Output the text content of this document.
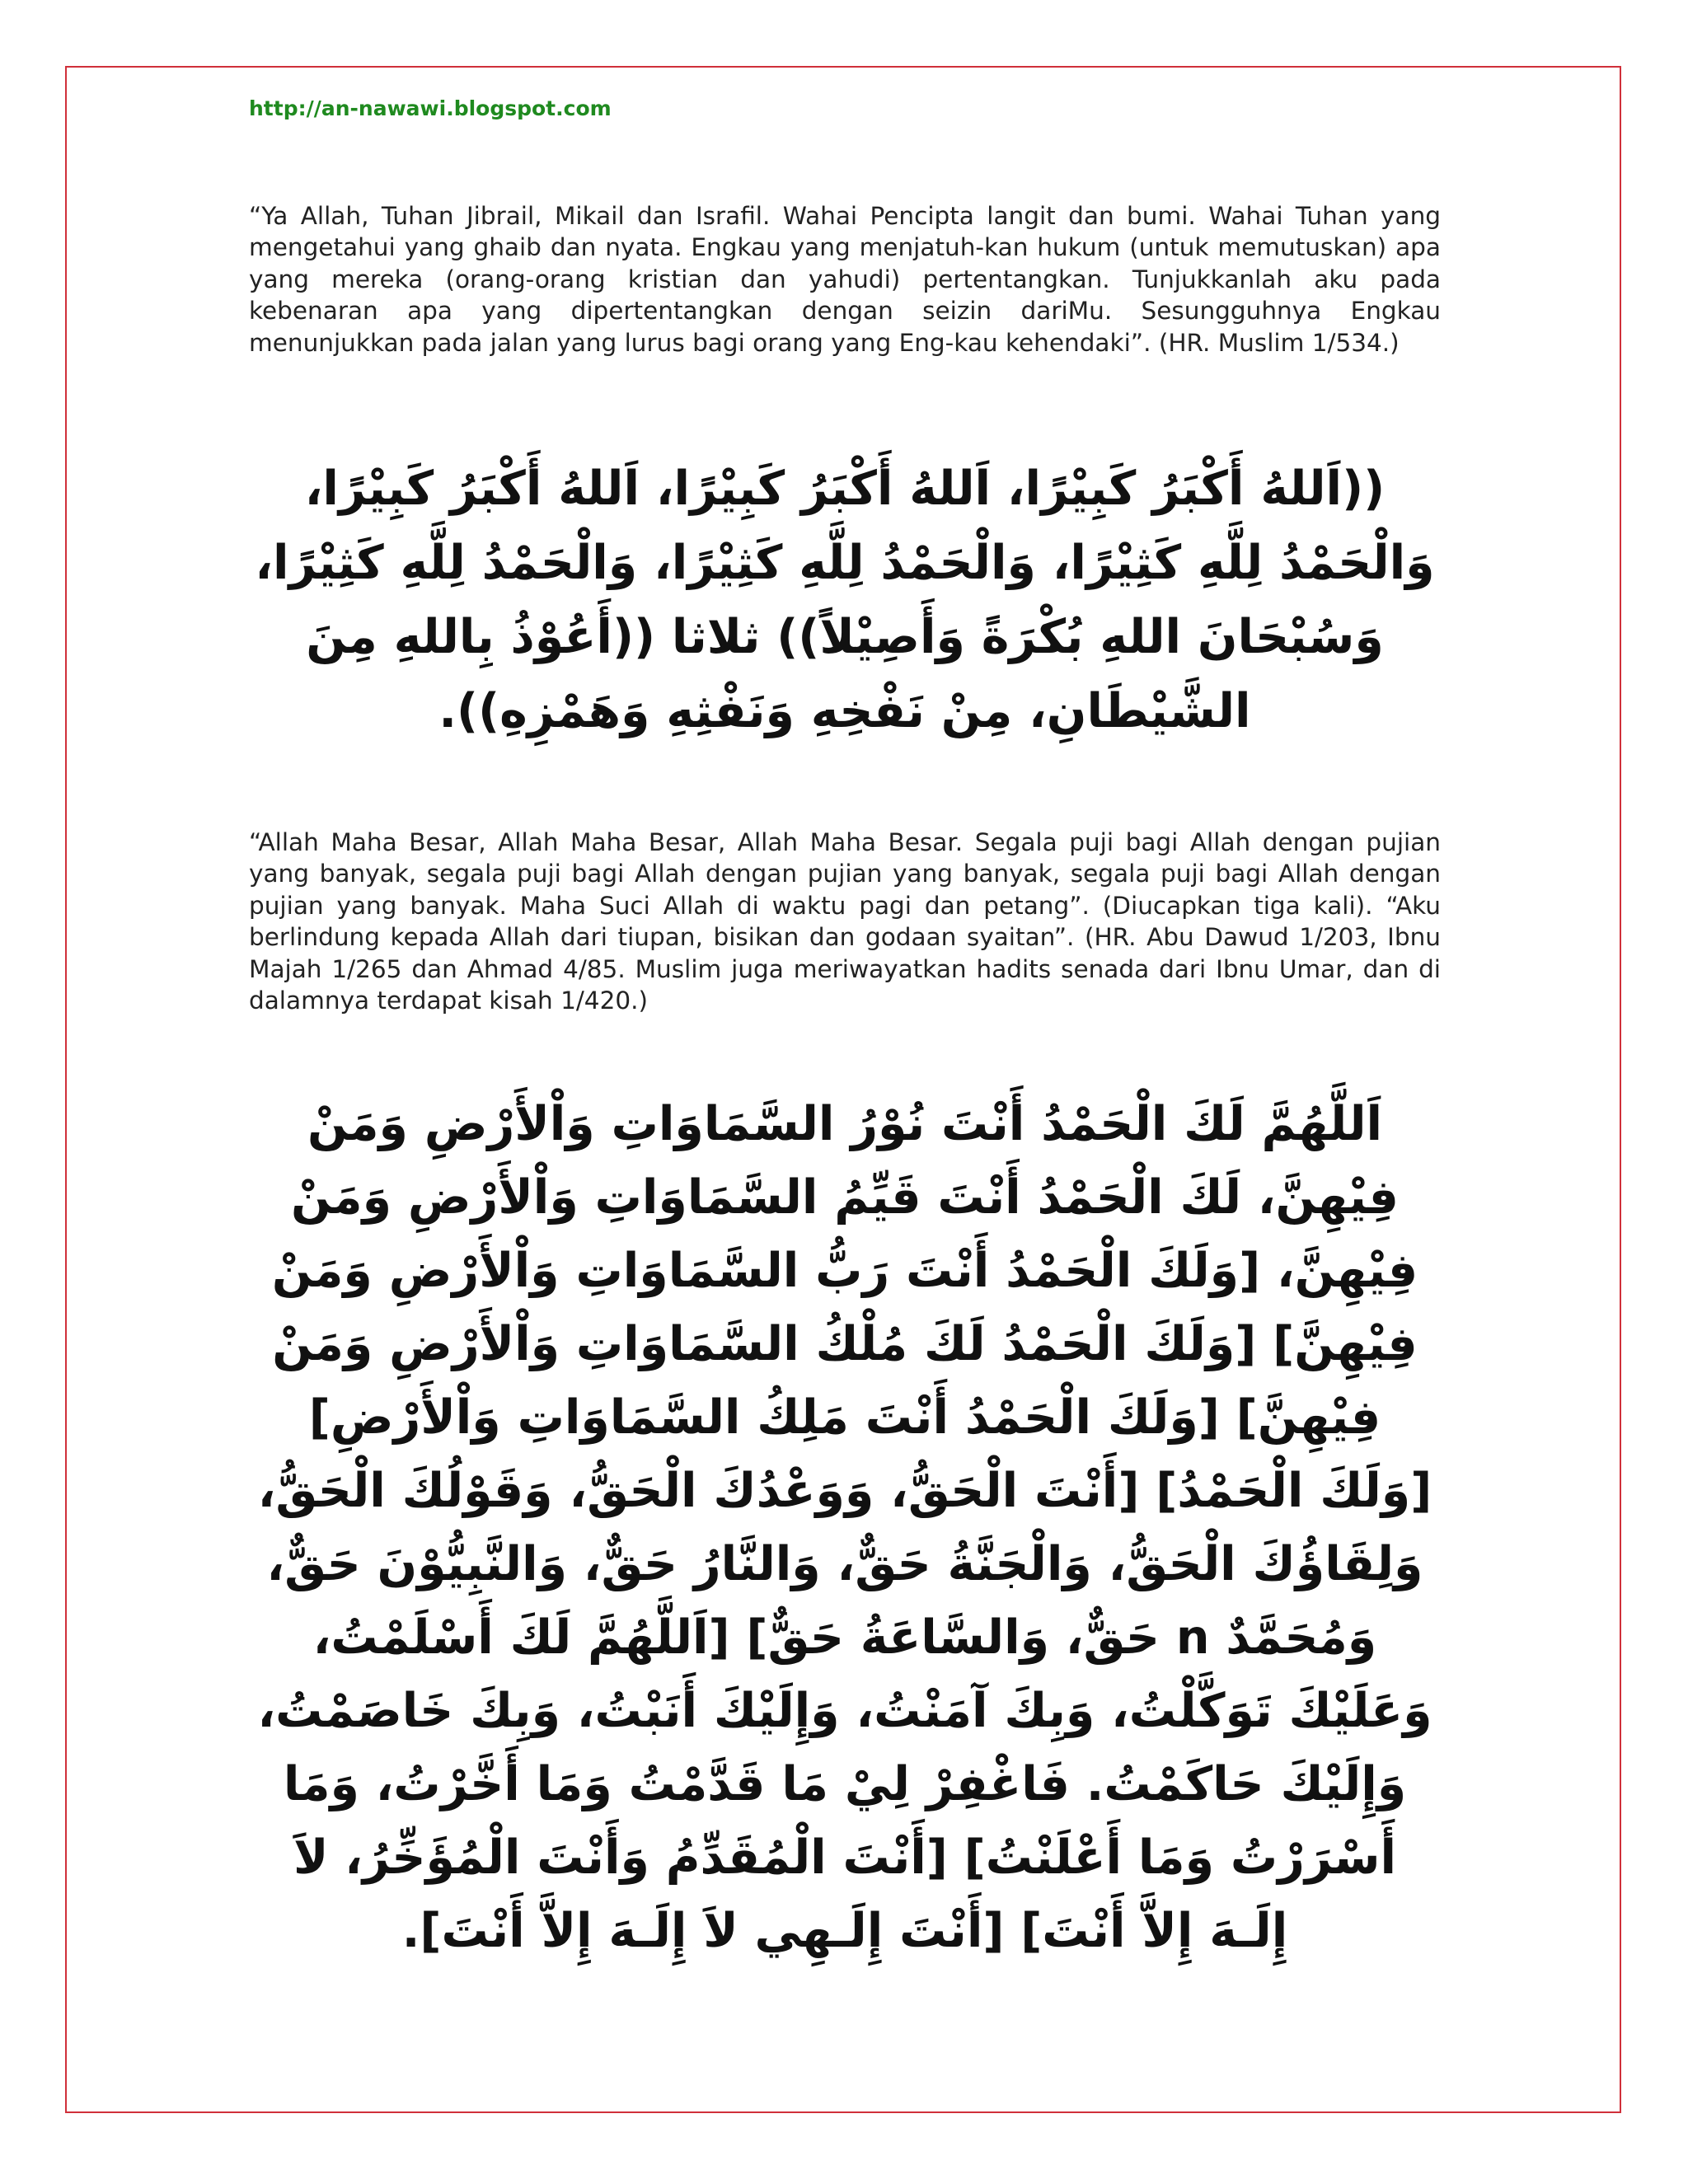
http://an-nawawi.blogspot.com

“Ya Allah, Tuhan Jibrail, Mikail dan Israfil. Wahai Pencipta langit dan bumi. Wahai Tuhan yang mengetahui yang ghaib dan nyata. Engkau yang menjatuh-kan hukum (untuk memutuskan) apa yang mereka (orang-orang kristian dan yahudi) pertentangkan. Tunjukkanlah aku pada kebenaran apa yang dipertentangkan dengan seizin dariMu. Sesungguhnya Engkau menunjukkan pada jalan yang lurus bagi orang yang Eng-kau kehendaki”. (HR. Muslim 1/534.)

((اَللهُ أَكْبَرُ كَبِيْرًا، اَللهُ أَكْبَرُ كَبِيْرًا، اَللهُ أَكْبَرُ كَبِيْرًا، وَالْحَمْدُ لِلَّهِ كَثِيْرًا، وَالْحَمْدُ لِلَّهِ كَثِيْرًا، وَالْحَمْدُ لِلَّهِ كَثِيْرًا، وَسُبْحَانَ اللهِ بُكْرَةً وَأَصِيْلاً)) ثلاثا ((أَعُوْذُ بِاللهِ مِنَ الشَّيْطَانِ، مِنْ نَفْخِهِ وَنَفْثِهِ وَهَمْزِهِ)).

“Allah Maha Besar, Allah Maha Besar, Allah Maha Besar. Segala puji bagi Allah dengan pujian yang banyak, segala puji bagi Allah dengan pujian yang banyak, segala puji bagi Allah dengan pujian yang banyak. Maha Suci Allah di waktu pagi dan petang”. (Diucapkan tiga kali). “Aku berlindung kepada Allah dari tiupan, bisikan dan godaan syaitan”. (HR. Abu Dawud 1/203, Ibnu Majah 1/265 dan Ahmad 4/85. Muslim juga meriwayatkan hadits senada dari Ibnu Umar, dan di dalamnya terdapat kisah 1/420.)

اَللَّهُمَّ لَكَ الْحَمْدُ أَنْتَ نُوْرُ السَّمَاوَاتِ وَاْلأَرْضِ وَمَنْ فِيْهِنَّ، لَكَ الْحَمْدُ أَنْتَ قَيِّمُ السَّمَاوَاتِ وَاْلأَرْضِ وَمَنْ فِيْهِنَّ، [وَلَكَ الْحَمْدُ أَنْتَ رَبُّ السَّمَاوَاتِ وَاْلأَرْضِ وَمَنْ فِيْهِنَّ] [وَلَكَ الْحَمْدُ لَكَ مُلْكُ السَّمَاوَاتِ وَاْلأَرْضِ وَمَنْ فِيْهِنَّ] [وَلَكَ الْحَمْدُ أَنْتَ مَلِكُ السَّمَاوَاتِ وَاْلأَرْضِ] [وَلَكَ الْحَمْدُ] [أَنْتَ الْحَقُّ، وَوَعْدُكَ الْحَقُّ، وَقَوْلُكَ الْحَقُّ، وَلِقَاؤُكَ الْحَقُّ، وَالْجَنَّةُ حَقٌّ، وَالنَّارُ حَقٌّ، وَالنَّبِيُّوْنَ حَقٌّ، وَمُحَمَّدٌ n حَقٌّ، وَالسَّاعَةُ حَقٌّ] [اَللَّهُمَّ لَكَ أَسْلَمْتُ، وَعَلَيْكَ تَوَكَّلْتُ، وَبِكَ آمَنْتُ، وَإِلَيْكَ أَنَبْتُ، وَبِكَ خَاصَمْتُ، وَإِلَيْكَ حَاكَمْتُ. فَاغْفِرْ لِيْ مَا قَدَّمْتُ وَمَا أَخَّرْتُ، وَمَا أَسْرَرْتُ وَمَا أَعْلَنْتُ] [أَنْتَ الْمُقَدِّمُ وَأَنْتَ الْمُؤَخِّرُ، لاَ إِلَـهَ إِلاَّ أَنْتَ] [أَنْتَ إِلَـهِي لاَ إِلَـهَ إِلاَّ أَنْتَ].
